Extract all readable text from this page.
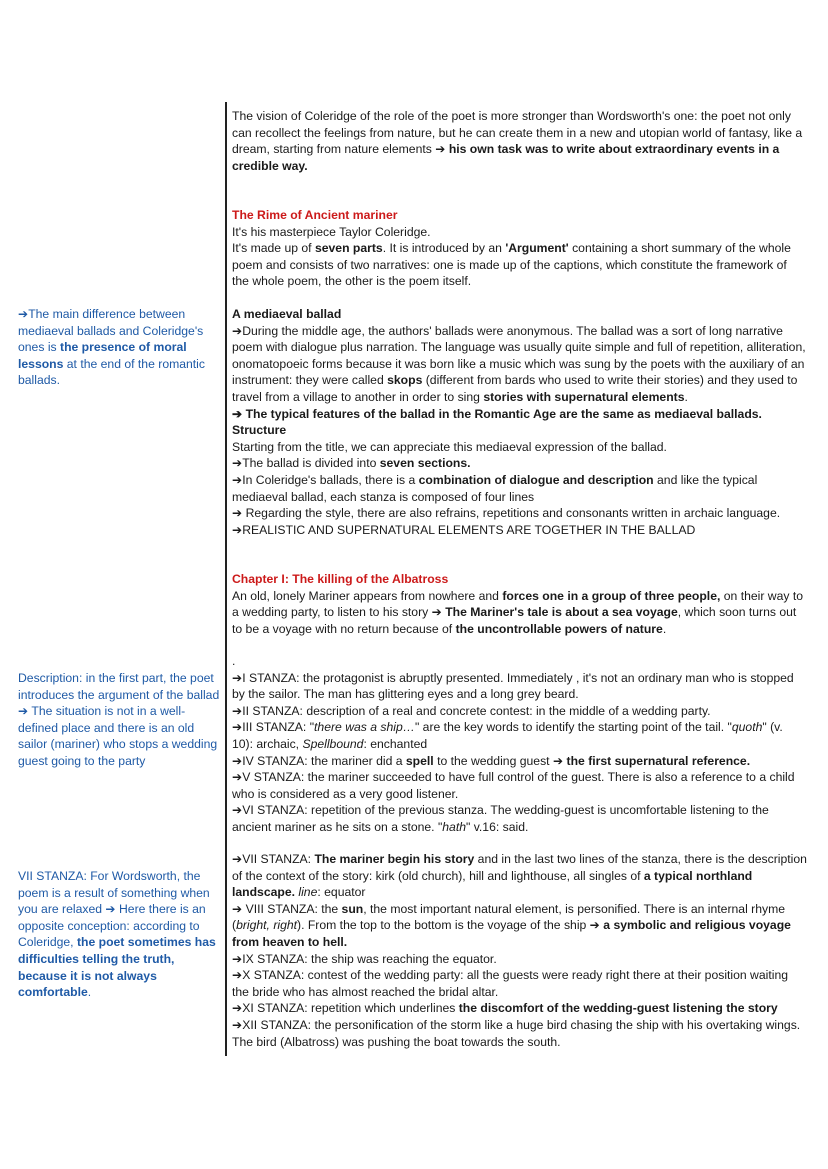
The vision of Coleridge of the role of the poet is more stronger than Wordsworth's one: the poet not only can recollect the feelings from nature, but he can create them in a new and utopian world of fantasy, like a dream, starting from nature elements ➔ his own task was to write about extraordinary events in a credible way.

The Rime of Ancient mariner

It's his masterpiece Taylor Coleridge.

It's made up of seven parts. It is introduced by an 'Argument' containing a short summary of the whole poem and consists of two narratives: one is made up of the captions, which constitute the framework of the whole poem, the other is the poem itself.

A mediaeval ballad

➔During the middle age, the authors' ballads were anonymous. The ballad was a sort of long narrative poem with dialogue plus narration. The language was usually quite simple and full of repetition, alliteration, onomatopoeic forms because it was born like a music which was sung by the poets with the auxiliary of an instrument: they were called skops (different from bards who used to write their stories) and they used to travel from a village to another in order to sing stories with supernatural elements.

➔ The typical features of the ballad in the Romantic Age are the same as mediaeval ballads.

Structure

Starting from the title, we can appreciate this mediaeval expression of the ballad.

➔The ballad is divided into seven sections.

➔In Coleridge's ballads, there is a combination of dialogue and description and like the typical mediaeval ballad, each stanza is composed of four lines

➔ Regarding the style, there are also refrains, repetitions and consonants written in archaic language.

➔REALISTIC AND SUPERNATURAL ELEMENTS ARE TOGETHER IN THE BALLAD

Chapter I: The killing of the Albatross

An old, lonely Mariner appears from nowhere and forces one in a group of three people, on their way to a wedding party, to listen to his story ➔ The Mariner's tale is about a sea voyage, which soon turns out to be a voyage with no return because of the uncontrollable powers of nature.

.

➔I STANZA: the protagonist is abruptly presented. Immediately , it's not an ordinary man who is stopped by the sailor. The man has glittering eyes and a long grey beard.

➔II STANZA: description of a real and concrete contest: in the middle of a wedding party.

➔III STANZA: "there was a ship…" are the key words to identify the starting point of the tail. "quoth" (v. 10): archaic, Spellbound: enchanted

➔IV STANZA: the mariner did a spell to the wedding guest ➔ the first supernatural reference.

➔V STANZA: the mariner succeeded to have full control of the guest. There is also a reference to a child who is considered as a very good listener.

➔VI STANZA: repetition of the previous stanza. The wedding-guest is uncomfortable listening to the ancient mariner as he sits on a stone. "hath" v.16: said.

➔VII STANZA: The mariner begin his story and in the last two lines of the stanza, there is the description of the context of the story: kirk (old church), hill and lighthouse, all singles of a typical northland landscape. line: equator

➔ VIII STANZA: the sun, the most important natural element, is personified. There is an internal rhyme (bright, right). From the top to the bottom is the voyage of the ship ➔ a symbolic and religious voyage from heaven to hell.

➔IX STANZA: the ship was reaching the equator.

➔X STANZA: contest of the wedding party: all the guests were ready right there at their position waiting the bride who has almost reached the bridal altar.

➔XI STANZA: repetition which underlines the discomfort of the wedding-guest listening the story

➔XII STANZA: the personification of the storm like a huge bird chasing the ship with his overtaking wings. The bird (Albatross) was pushing the boat towards the south.

➔The main difference between mediaeval ballads and Coleridge's ones is the presence of moral lessons at the end of the romantic ballads.

Description: in the first part, the poet introduces the argument of the ballad ➔ The situation is not in a well-defined place and there is an old sailor (mariner) who stops a wedding guest going to the party

VII STANZA: For Wordsworth, the poem is a result of something when you are relaxed ➔ Here there is an opposite conception: according to Coleridge, the poet sometimes has difficulties telling the truth, because it is not always comfortable.
